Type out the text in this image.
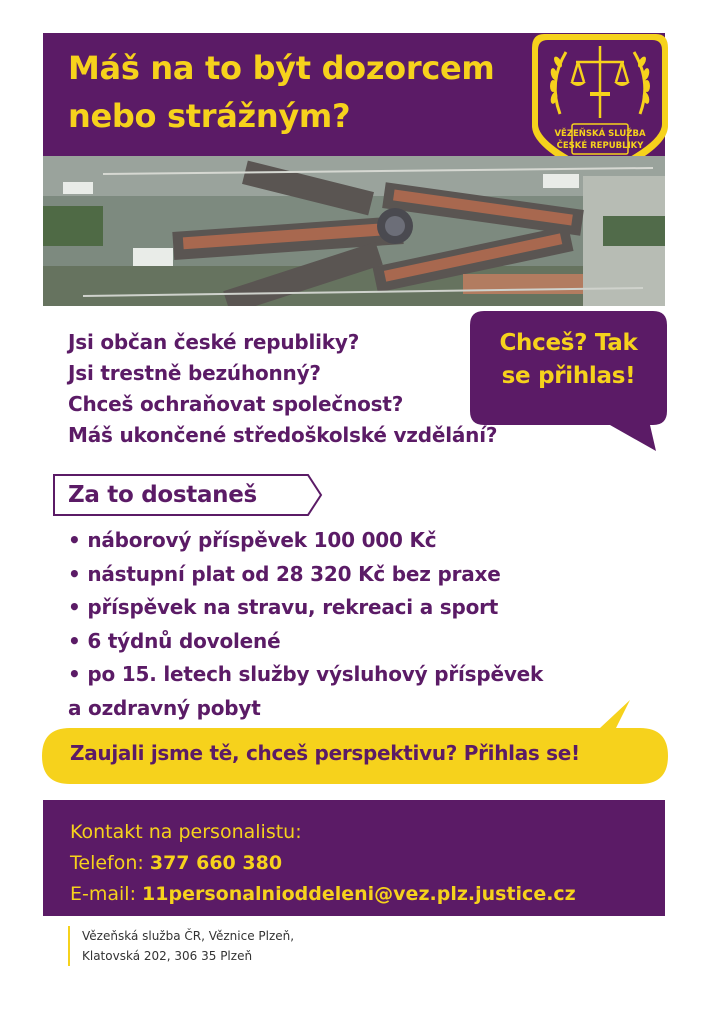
Máš na to být dozorcem
nebo strážným?	VĚZEŇSKÁ SLUŽBA
ČESKÉ REPUBLIKY
Jsi občan české republiky?
Jsi trestně bezúhonný?
Chceš ochraňovat společnost?
Máš ukončené středoškolské vzdělání?
Chceš? Tak
se přihlas!
Za to dostaneš
• náborový příspěvek 100 000 Kč
• nástupní plat od 28 320 Kč bez praxe
• příspěvek na stravu, rekreaci a sport
• 6 týdnů dovolené
• po 15. letech služby výsluhový příspěvek
a ozdravný pobyt
Zaujali jsme tě, chceš perspektivu? Přihlas se!
Kontakt na personalistu:
Telefon: 377 660 380
E-mail: 11personalnioddeleni@vez.plz.justice.cz
Vězeňská služba ČR, Věznice Plzeň,
Klatovská 202, 306 35 Plzeň
